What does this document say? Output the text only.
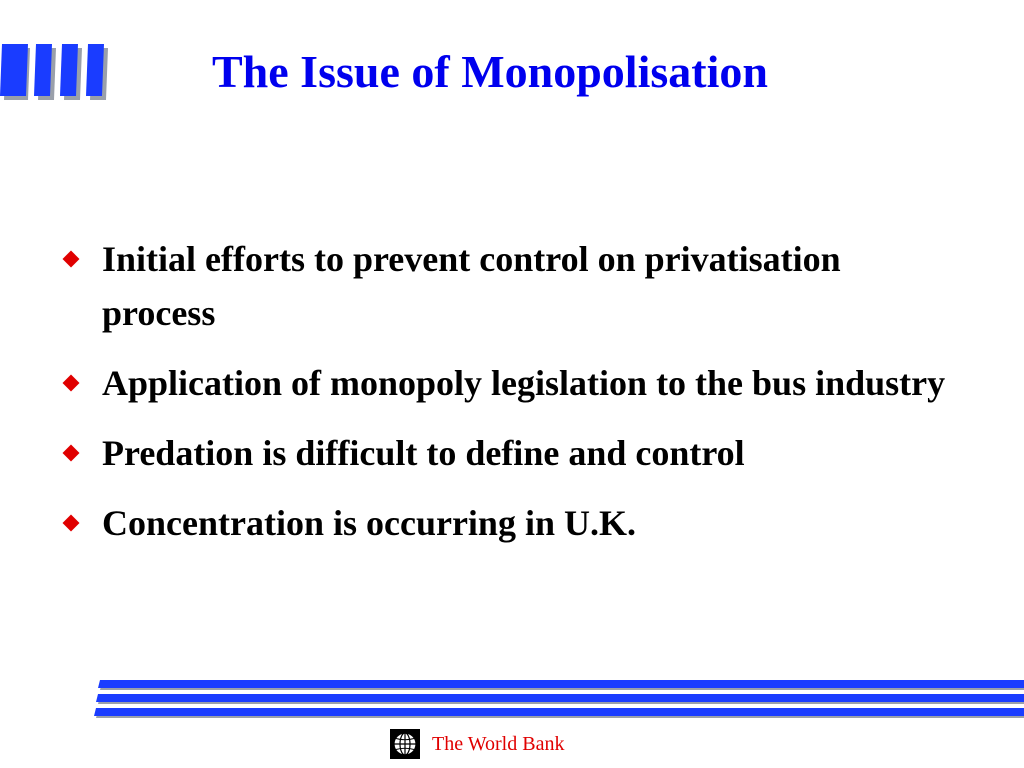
The Issue of Monopolisation
Initial efforts to prevent control on privatisation process
Application of monopoly legislation to the bus industry
Predation is difficult to define and control
Concentration is occurring in U.K.
The World Bank
